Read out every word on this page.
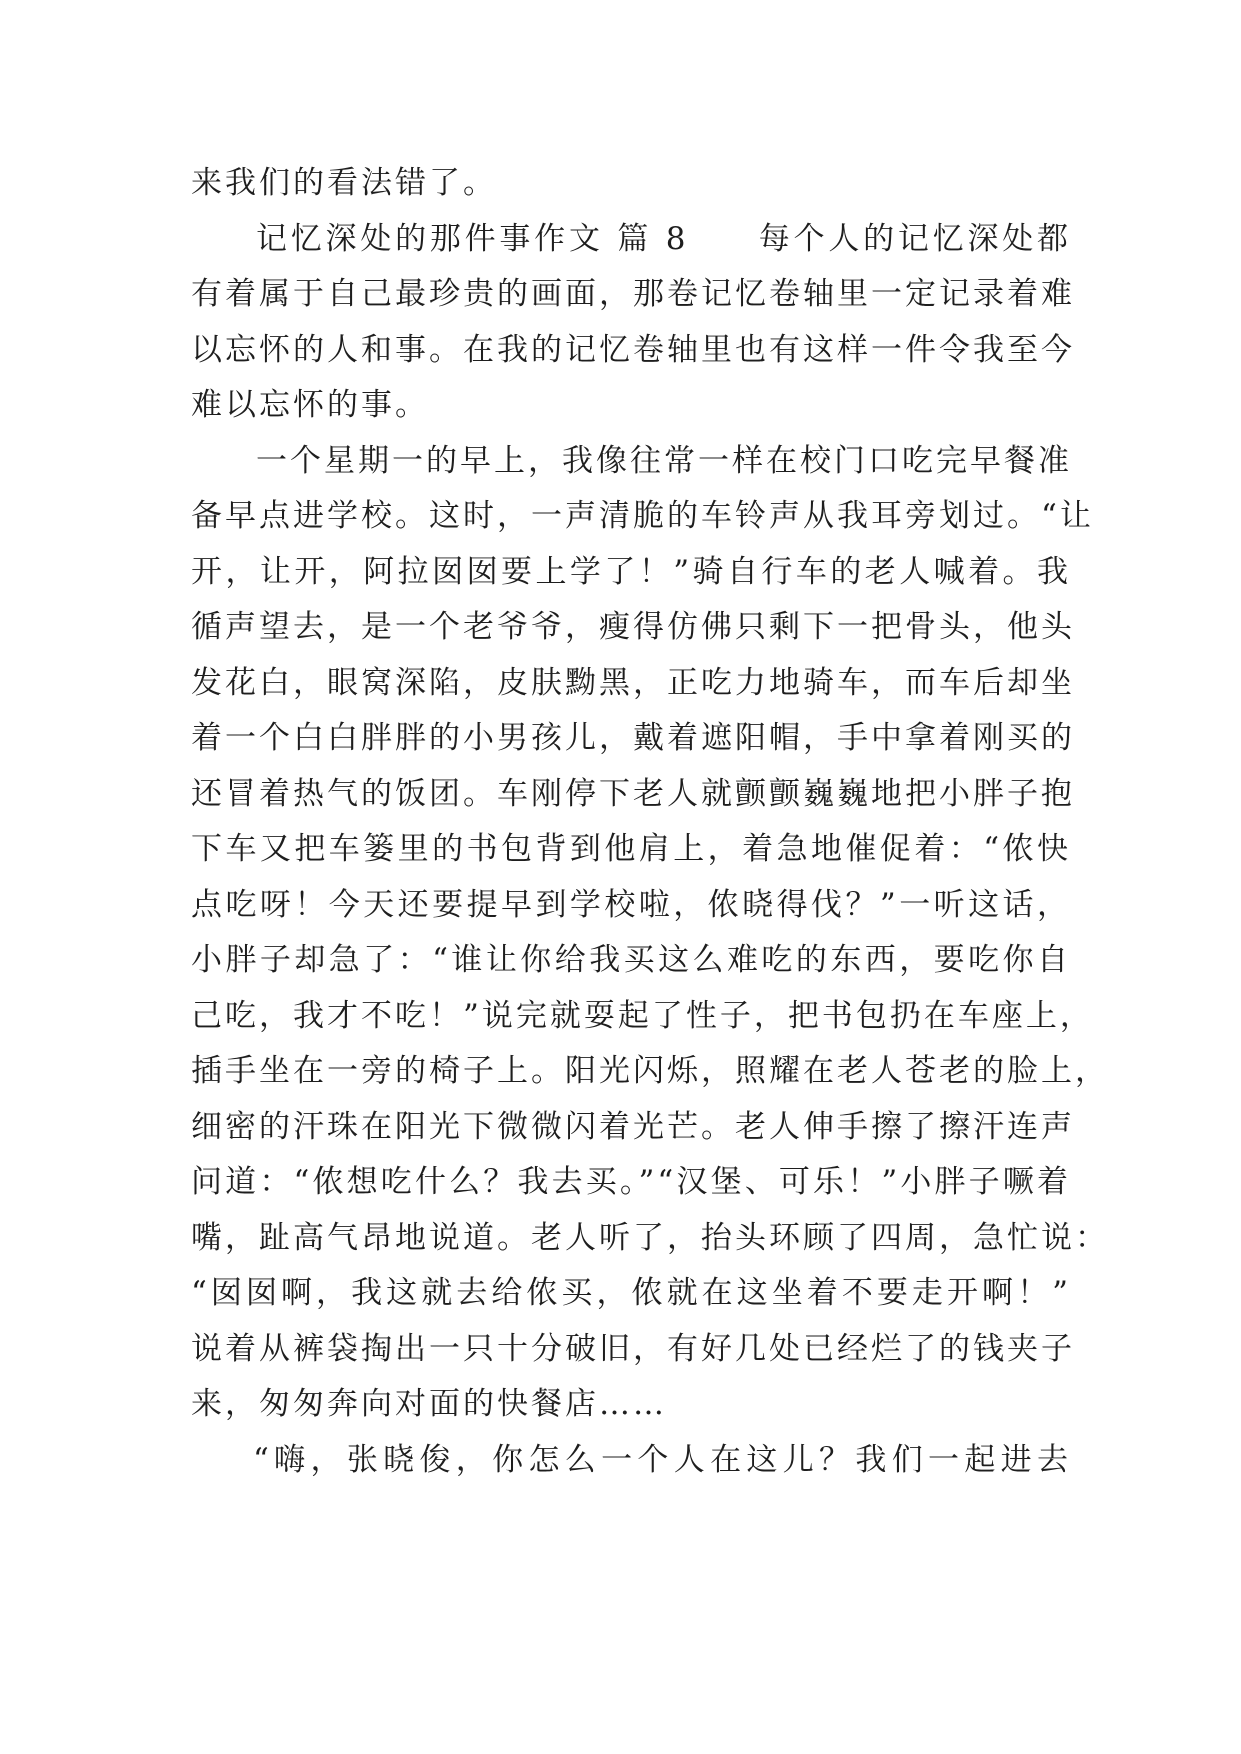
来我们的看法错了。
记忆深处的那件事作文 篇 8　　每个人的记忆深处都
有着属于自己最珍贵的画面，那卷记忆卷轴里一定记录着难
以忘怀的人和事。在我的记忆卷轴里也有这样一件令我至今
难以忘怀的事。
一个星期一的早上，我像往常一样在校门口吃完早餐准
备早点进学校。这时，一声清脆的车铃声从我耳旁划过。“让
开，让开，阿拉囡囡要上学了！”骑自行车的老人喊着。我
循声望去，是一个老爷爷，瘦得仿佛只剩下一把骨头，他头
发花白，眼窝深陷，皮肤黝黑，正吃力地骑车，而车后却坐
着一个白白胖胖的小男孩儿，戴着遮阳帽，手中拿着刚买的
还冒着热气的饭团。车刚停下老人就颤颤巍巍地把小胖子抱
下车又把车篓里的书包背到他肩上，着急地催促着：“侬快
点吃呀！今天还要提早到学校啦，侬晓得伐？”一听这话，
小胖子却急了：“谁让你给我买这么难吃的东西，要吃你自
己吃，我才不吃！”说完就耍起了性子，把书包扔在车座上，
插手坐在一旁的椅子上。阳光闪烁，照耀在老人苍老的脸上，
细密的汗珠在阳光下微微闪着光芒。老人伸手擦了擦汗连声
问道：“侬想吃什么？我去买。”“汉堡、可乐！”小胖子噘着
嘴，趾高气昂地说道。老人听了，抬头环顾了四周，急忙说：
“囡囡啊，我这就去给侬买，侬就在这坐着不要走开啊！”
说着从裤袋掏出一只十分破旧，有好几处已经烂了的钱夹子
来，匆匆奔向对面的快餐店……
“嗨，张晓俊，你怎么一个人在这儿？我们一起进去
